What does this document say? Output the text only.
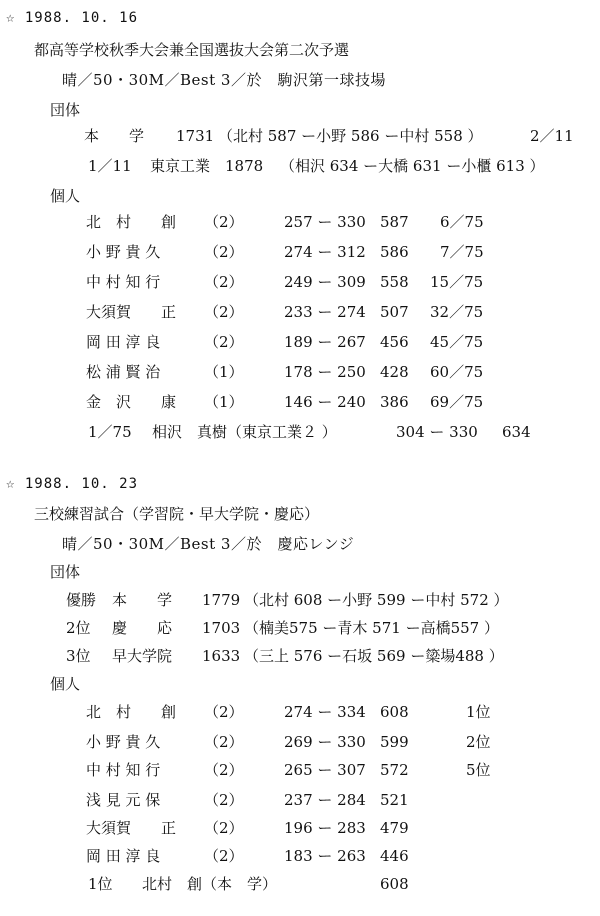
☆ 1988. 10. 16
都高等学校秋季大会兼全国選抜大会第二次予選
晴／50・30M／Best 3／於　駒沢第一球技場
団体
本　　学 1731 （北村 587 ー小野 586 ー中村 558 ）	2／11
1／11 東京工業　1878 （相沢 634 ー大橋 631 ー小櫃 613 ）
個人
北　村　　創 （2）	257 ー 330 587 6／75
小 野 貴 久	（2）	274 ー 312 586 7／75
中 村 知 行	（2）	249 ー 309 558 15／75
大須賀　　正 （2）	233 ー 274 507 32／75
岡 田 淳 良	（2）	189 ー 267 456 45／75
松 浦 賢 治	（1）	178 ー 250 428 60／75
金　沢　　康 （1）	146 ー 240 386 69／75
1／75 相沢　真樹（東京工業２ ）	304 ー 330 634
☆ 1988. 10. 23
三校練習試合（学習院・早大学院・慶応）
晴／50・30M／Best 3／於　慶応レンジ
団体
優勝 本　　学 1779 （北村 608 ー小野 599 ー中村 572 ）
2位 慶　　応 1703 （楠美575 ー青木 571 ー高橋557 ）
3位 早大学院 1633 （三上 576 ー石坂 569 ー簗場488 ）
個人
北　村　　創 （2）	274 ー 334 608	1位
小 野 貴 久	（2）	269 ー 330 599	2位
中 村 知 行	（2）	265 ー 307 572	5位
浅 見 元 保	（2）	237 ー 284 521
大須賀　　正 （2）	196 ー 283 479
岡 田 淳 良	（2）	183 ー 263 446
1位 北村　創（本　学）	608
